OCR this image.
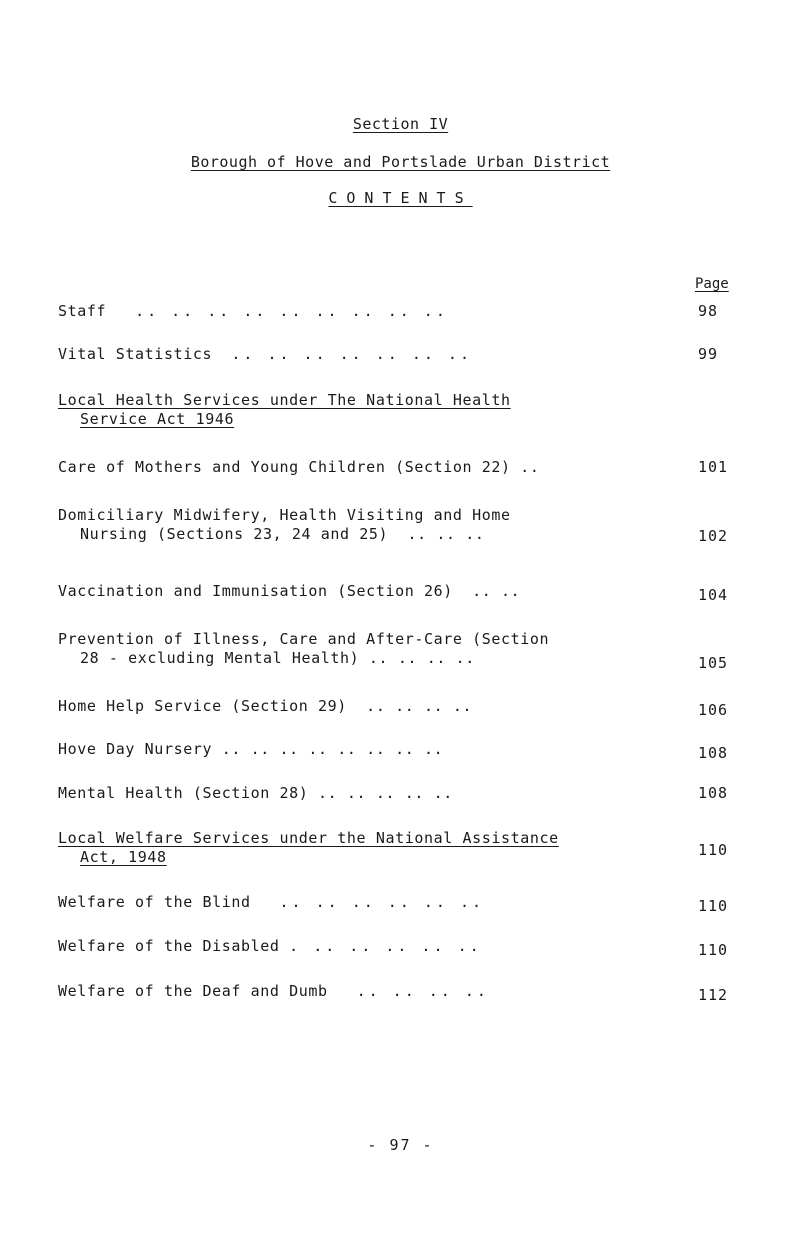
Section IV
Borough of Hove and Portslade Urban District
CONTENTS
Page
Staff .. .. .. .. .. .. .. .. ..	98
Vital Statistics .. .. .. .. .. .. ..	99
Local Health Services under The National Health
Service Act 1946
Care of Mothers and Young Children (Section 22) ..	101
Domiciliary Midwifery, Health Visiting and Home
Nursing (Sections 23, 24 and 25)  .. .. ..	102
Vaccination and Immunisation (Section 26)  .. ..	104
Prevention of Illness, Care and After-Care (Section
28 - excluding Mental Health) .. .. .. ..	105
Home Help Service (Section 29)  .. .. .. ..	106
Hove Day Nursery .. .. .. .. .. .. .. ..	108
Mental Health (Section 28) .. .. .. .. ..	108
Local Welfare Services under the National Assistance
Act, 1948	110
Welfare of the Blind .. .. .. .. .. ..	110
Welfare of the Disabled . .. .. .. .. ..	110
Welfare of the Deaf and Dumb .. .. .. ..	112
- 97 -
